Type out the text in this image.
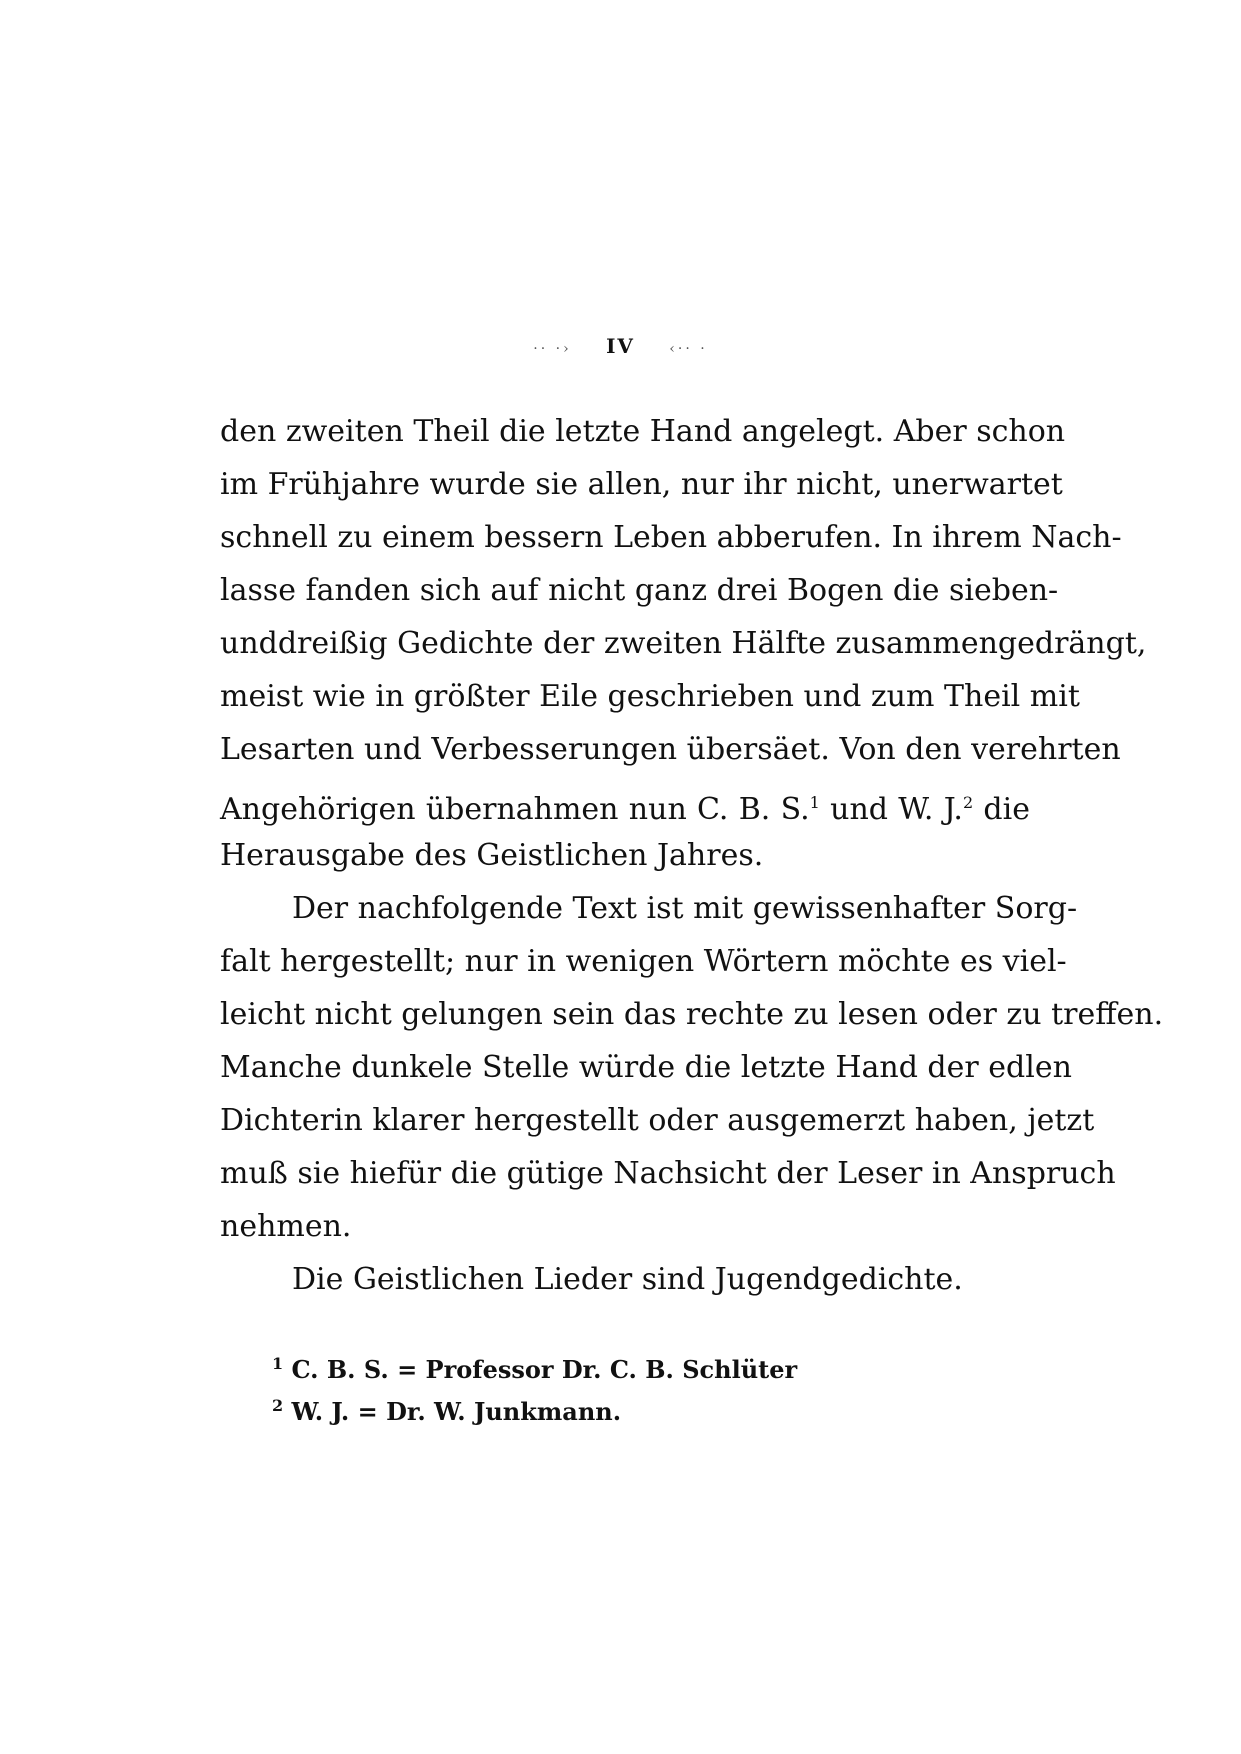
·· ·› IV ‹·· ·
den zweiten Theil die letzte Hand angelegt. Aber schon
im Frühjahre wurde sie allen, nur ihr nicht, unerwartet
schnell zu einem bessern Leben abberufen. In ihrem Nach-
lasse fanden sich auf nicht ganz drei Bogen die sieben-
unddreißig Gedichte der zweiten Hälfte zusammengedrängt,
meist wie in größter Eile geschrieben und zum Theil mit
Lesarten und Verbesserungen übersäet. Von den verehrten
Angehörigen übernahmen nun C. B. S.$^1$ und W. J.$^2$ die
Herausgabe des Geistlichen Jahres.
Der nachfolgende Text ist mit gewissenhafter Sorg-
falt hergestellt; nur in wenigen Wörtern möchte es viel-
leicht nicht gelungen sein das rechte zu lesen oder zu treffen.
Manche dunkele Stelle würde die letzte Hand der edlen
Dichterin klarer hergestellt oder ausgemerzt haben, jetzt
muß sie hiefür die gütige Nachsicht der Leser in Anspruch
nehmen.
Die Geistlichen Lieder sind Jugendgedichte.
$^1$ C. B. S. = Professor Dr. C. B. Schlüter
$^2$ W. J. = Dr. W. Junkmann.
